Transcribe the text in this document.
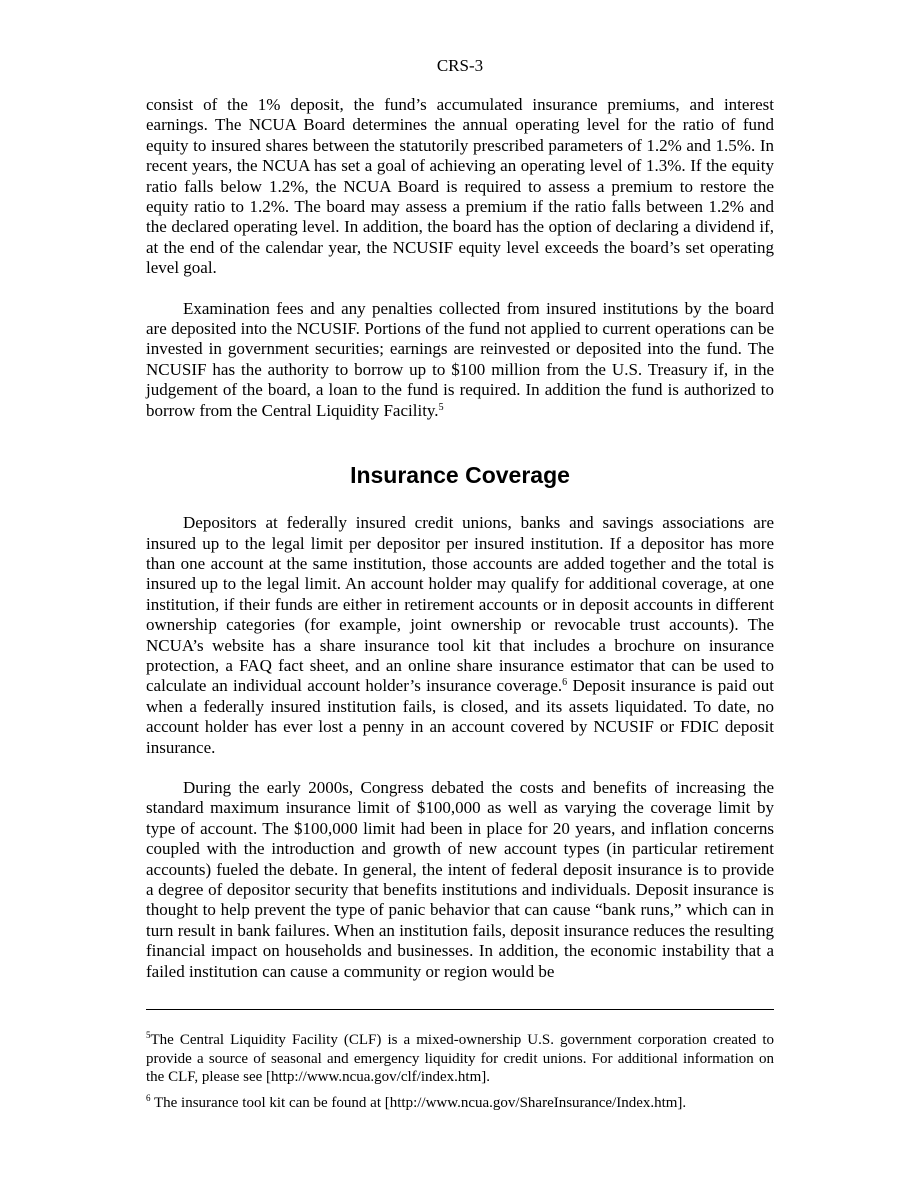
CRS-3

consist of the 1% deposit, the fund’s accumulated insurance premiums, and interest earnings. The NCUA Board determines the annual operating level for the ratio of fund equity to insured shares between the statutorily prescribed parameters of 1.2% and 1.5%. In recent years, the NCUA has set a goal of achieving an operating level of 1.3%. If the equity ratio falls below 1.2%, the NCUA Board is required to assess a premium to restore the equity ratio to 1.2%. The board may assess a premium if the ratio falls between 1.2% and the declared operating level. In addition, the board has the option of declaring a dividend if, at the end of the calendar year, the NCUSIF equity level exceeds the board’s set operating level goal.

Examination fees and any penalties collected from insured institutions by the board are deposited into the NCUSIF. Portions of the fund not applied to current operations can be invested in government securities; earnings are reinvested or deposited into the fund. The NCUSIF has the authority to borrow up to $100 million from the U.S. Treasury if, in the judgement of the board, a loan to the fund is required. In addition the fund is authorized to borrow from the Central Liquidity Facility.$^5$

Insurance Coverage

Depositors at federally insured credit unions, banks and savings associations are insured up to the legal limit per depositor per insured institution. If a depositor has more than one account at the same institution, those accounts are added together and the total is insured up to the legal limit. An account holder may qualify for additional coverage, at one institution, if their funds are either in retirement accounts or in deposit accounts in different ownership categories (for example, joint ownership or revocable trust accounts). The NCUA’s website has a share insurance tool kit that includes a brochure on insurance protection, a FAQ fact sheet, and an online share insurance estimator that can be used to calculate an individual account holder’s insurance coverage.$^6$ Deposit insurance is paid out when a federally insured institution fails, is closed, and its assets liquidated. To date, no account holder has ever lost a penny in an account covered by NCUSIF or FDIC deposit insurance.

During the early 2000s, Congress debated the costs and benefits of increasing the standard maximum insurance limit of $100,000 as well as varying the coverage limit by type of account. The $100,000 limit had been in place for 20 years, and inflation concerns coupled with the introduction and growth of new account types (in particular retirement accounts) fueled the debate. In general, the intent of federal deposit insurance is to provide a degree of depositor security that benefits institutions and individuals. Deposit insurance is thought to help prevent the type of panic behavior that can cause “bank runs,” which can in turn result in bank failures. When an institution fails, deposit insurance reduces the resulting financial impact on households and businesses. In addition, the economic instability that a failed institution can cause a community or region would be

$^5$The Central Liquidity Facility (CLF) is a mixed-ownership U.S. government corporation created to provide a source of seasonal and emergency liquidity for credit unions. For additional information on the CLF, please see [http://www.ncua.gov/clf/index.htm].

$^6$ The insurance tool kit can be found at [http://www.ncua.gov/ShareInsurance/Index.htm].
